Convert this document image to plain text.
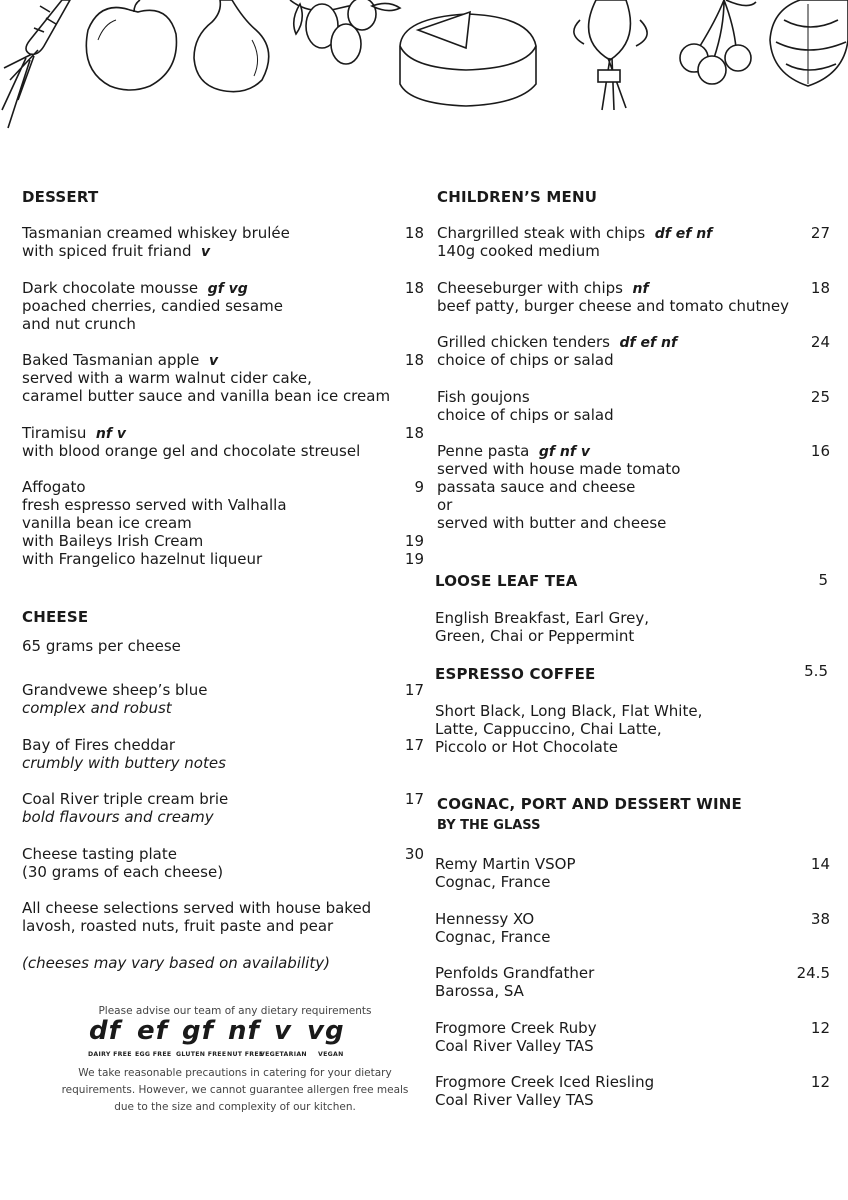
DESSERT
Tasmanian creamed whiskey brulée	18
with spiced fruit friand v
Dark chocolate mousse gf vg	18
poached cherries, candied sesame
and nut crunch
Baked Tasmanian apple v	18
served with a warm walnut cider cake,
caramel butter sauce and vanilla bean ice cream
Tiramisu nf v	18
with blood orange gel and chocolate streusel
Affogato	9
fresh espresso served with Valhalla
vanilla bean ice cream
with Baileys Irish Cream	19
with Frangelico hazelnut liqueur	19
CHEESE
65 grams per cheese
Grandvewe sheep’s blue	17
complex and robust
Bay of Fires cheddar	17
crumbly with buttery notes
Coal River triple cream brie	17
bold flavours and creamy
Cheese tasting plate	30
(30 grams of each cheese)
All cheese selections served with house baked
lavosh, roasted nuts, fruit paste and pear
(cheeses may vary based on availability)
Please advise our team of any dietary requirements
df ef gf nf v vg
DAIRY FREE EGG FREE GLUTEN FREE NUT FREE
VEGETARIAN VEGAN
We take reasonable precautions in catering for your dietary
requirements. However, we cannot guarantee allergen free meals
due to the size and complexity of our kitchen.
CHILDREN’S MENU
Chargrilled steak with chips df ef nf	27
140g cooked medium
Cheeseburger with chips nf	18
beef patty, burger cheese and tomato chutney
Grilled chicken tenders df ef nf	24
choice of chips or salad
Fish goujons	25
choice of chips or salad
Penne pasta gf nf v	16
served with house made tomato
passata sauce and cheese
or
served with butter and cheese
LOOSE LEAF TEA	5
English Breakfast, Earl Grey,
Green, Chai or Peppermint
ESPRESSO COFFEE	5.5
Short Black, Long Black, Flat White,
Latte, Cappuccino, Chai Latte,
Piccolo or Hot Chocolate
COGNAC, PORT AND DESSERT WINE
BY THE GLASS
Remy Martin VSOP	14
Cognac, France
Hennessy XO	38
Cognac, France
Penfolds Grandfather	24.5
Barossa, SA
Frogmore Creek Ruby	12
Coal River Valley TAS
Frogmore Creek Iced Riesling	12
Coal River Valley TAS
